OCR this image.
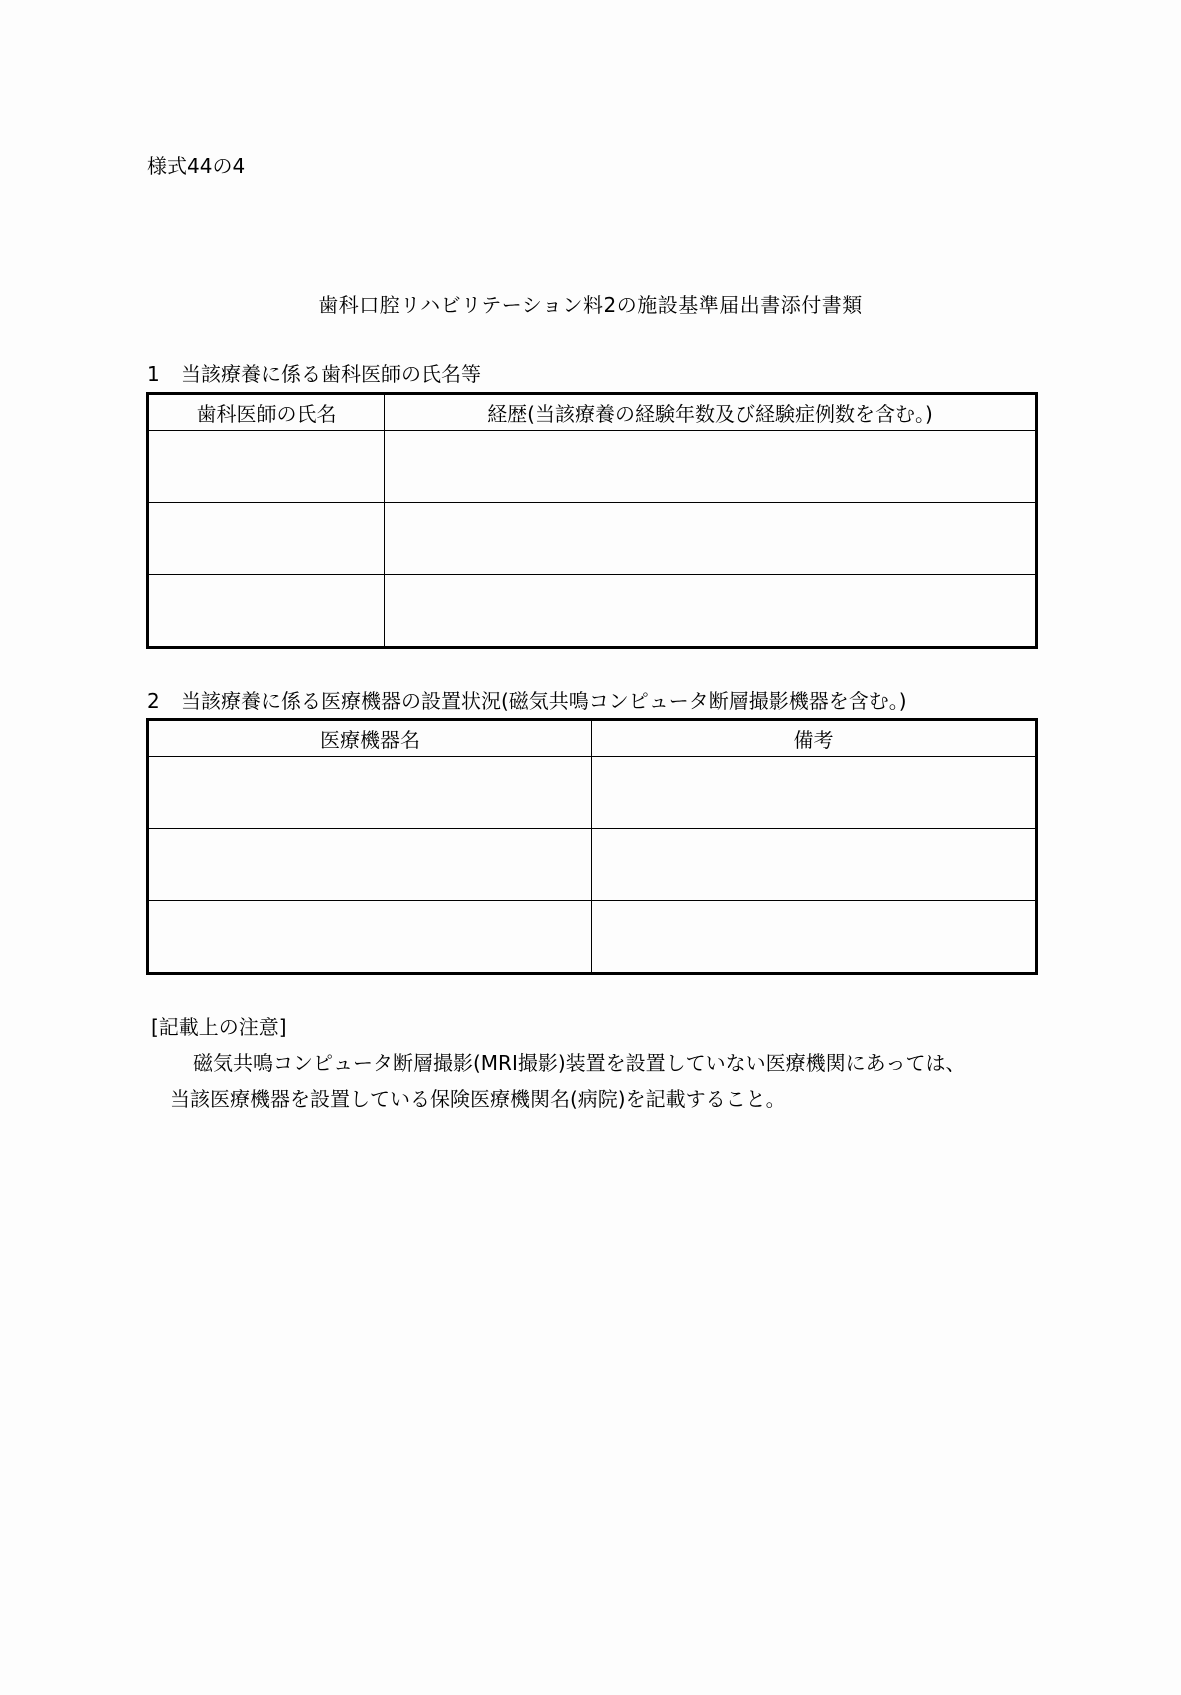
様式44の4
歯科口腔リハビリテーション料2の施設基準届出書添付書類
1 当該療養に係る歯科医師の氏名等
歯科医師の氏名	経歴(当該療養の経験年数及び経験症例数を含む。)

2 当該療養に係る医療機器の設置状況(磁気共鳴コンピュータ断層撮影機器を含む。)
医療機器名	備考

[記載上の注意]
磁気共鳴コンピュータ断層撮影(MRI撮影)装置を設置していない医療機関にあっては、
当該医療機器を設置している保険医療機関名(病院)を記載すること。
